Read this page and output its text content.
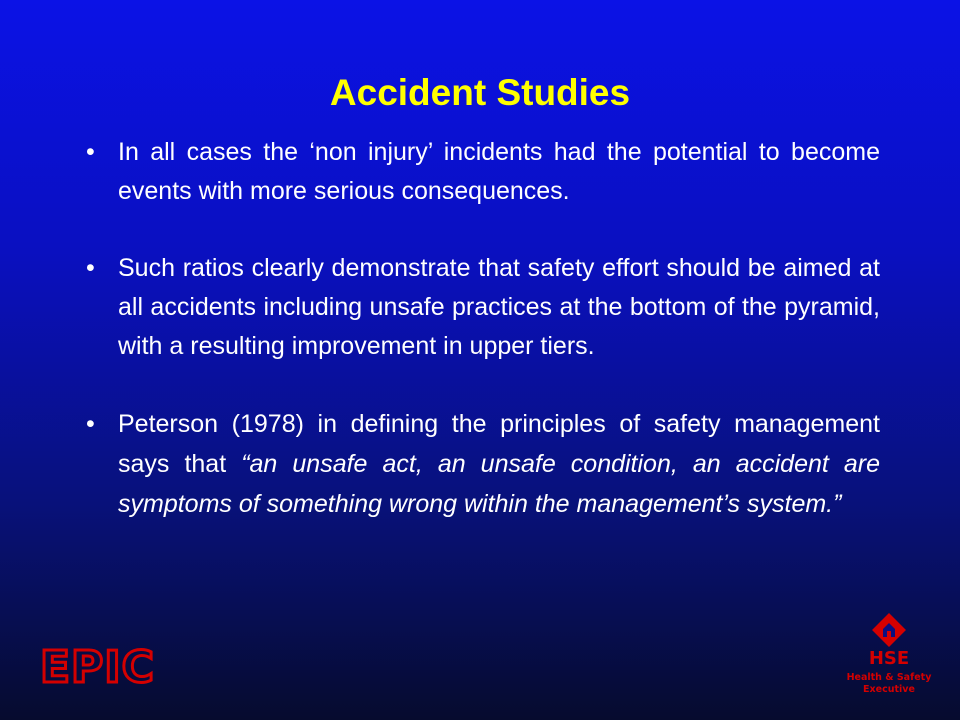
Accident Studies
• In all cases the ‘non injury’ incidents had the potential to become events with more serious consequences.
• Such ratios clearly demonstrate that safety effort should be aimed at all accidents including unsafe practices at the bottom of the pyramid, with a resulting improvement in upper tiers.
• Peterson (1978) in defining the principles of safety management says that “an unsafe act, an unsafe condition, an accident are symptoms of something wrong within the management’s system.”
EPIC	HSE
Health & Safety
Executive
